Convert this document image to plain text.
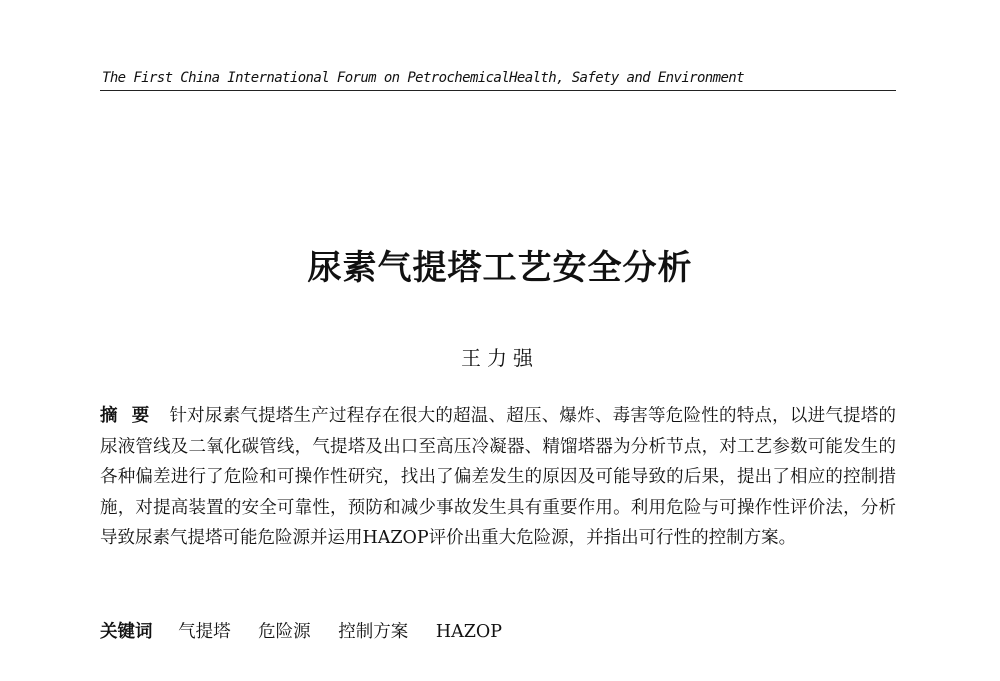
The First China International Forum on PetrochemicalHealth, Safety and Environment
尿素气提塔工艺安全分析
王力强
摘要 针对尿素气提塔生产过程存在很大的超温、超压、爆炸、毒害等危险性的特点，以进气提塔的尿液管线及二氧化碳管线，气提塔及出口至高压冷凝器、精馏塔器为分析节点，对工艺参数可能发生的各种偏差进行了危险和可操作性研究，找出了偏差发生的原因及可能导致的后果，提出了相应的控制措施，对提高装置的安全可靠性，预防和减少事故发生具有重要作用。利用危险与可操作性评价法，分析导致尿素气提塔可能危险源并运用HAZOP评价出重大危险源，并指出可行性的控制方案。
关键词 气提塔 危险源 控制方案 HAZOP
